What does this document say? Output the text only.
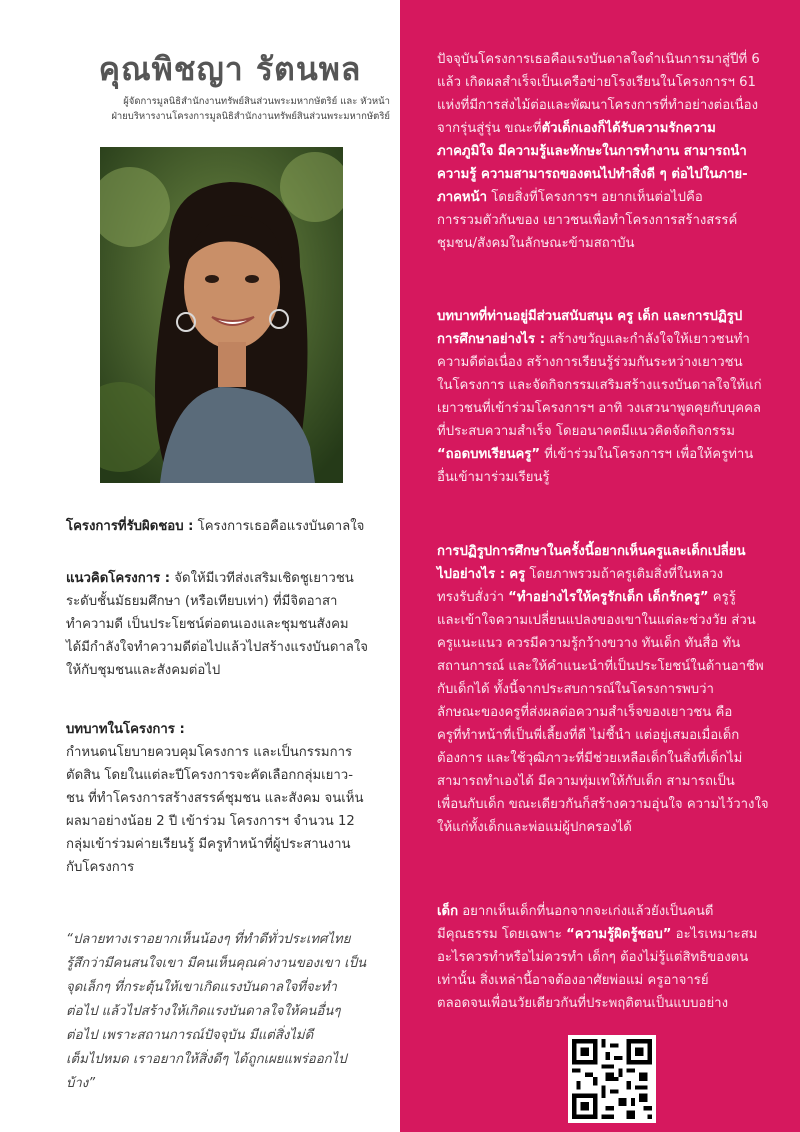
คุณพิชญา รัตนพล
ผู้จัดการมูลนิธิสำนักงานทรัพย์สินส่วนพระมหากษัตริย์ และ หัวหน้า
ฝ่ายบริหารงานโครงการมูลนิธิสำนักงานทรัพย์สินส่วนพระมหากษัตริย์
โครงการที่รับผิดชอบ : โครงการเธอคือแรงบันดาลใจ
แนวคิดโครงการ : จัดให้มีเวทีส่งเสริมเชิดชูเยาวชน
ระดับชั้นมัธยมศึกษา (หรือเทียบเท่า) ที่มีจิตอาสา
ทำความดี เป็นประโยชน์ต่อตนเองและชุมชนสังคม
ได้มีกำลังใจทำความดีต่อไปแล้วไปสร้างแรงบันดาลใจ
ให้กับชุมชนและสังคมต่อไป
บทบาทในโครงการ :
กำหนดนโยบายควบคุมโครงการ และเป็นกรรมการ
ตัดสิน โดยในแต่ละปีโครงการจะคัดเลือกกลุ่มเยาว-
ชน ที่ทำโครงการสร้างสรรค์ชุมชน และสังคม จนเห็น
ผลมาอย่างน้อย 2 ปี เข้าร่วม โครงการฯ จำนวน 12
กลุ่มเข้าร่วมค่ายเรียนรู้ มีครูทำหน้าที่ผู้ประสานงาน
กับโครงการ
“ปลายทางเราอยากเห็นน้องๆ ที่ทำดีทั่วประเทศไทย
รู้สึกว่ามีคนสนใจเขา มีคนเห็นคุณค่างานของเขา เป็น
จุดเล็กๆ ที่กระตุ้นให้เขาเกิดแรงบันดาลใจที่จะทำ
ต่อไป แล้วไปสร้างให้เกิดแรงบันดาลใจให้คนอื่นๆ
ต่อไป เพราะสถานการณ์ปัจจุบัน มีแต่สิ่งไม่ดี
เต็มไปหมด เราอยากให้สิ่งดีๆ ได้ถูกเผยแพร่ออกไป
บ้าง”
ปัจจุบันโครงการเธอคือแรงบันดาลใจดำเนินการมาสู่ปีที่ 6
แล้ว เกิดผลสำเร็จเป็นเครือข่ายโรงเรียนในโครงการฯ 61
แห่งที่มีการส่งไม้ต่อและพัฒนาโครงการที่ทำอย่างต่อเนื่อง
จากรุ่นสู่รุ่น ขณะที่ตัวเด็กเองก็ได้รับความรักความ
ภาคภูมิใจ มีความรู้และทักษะในการทำงาน สามารถนำ
ความรู้ ความสามารถของตนไปทำสิ่งดี ๆ ต่อไปในภาย-
ภาคหน้า โดยสิ่งที่โครงการฯ อยากเห็นต่อไปคือ
การรวมตัวกันของ เยาวชนเพื่อทำโครงการสร้างสรรค์
ชุมชน/สังคมในลักษณะข้ามสถาบัน
บทบาทที่ท่านอยู่มีส่วนสนับสนุน ครู เด็ก และการปฏิรูป
การศึกษาอย่างไร : สร้างขวัญและกำลังใจให้เยาวชนทำ
ความดีต่อเนื่อง สร้างการเรียนรู้ร่วมกันระหว่างเยาวชน
ในโครงการ และจัดกิจกรรมเสริมสร้างแรงบันดาลใจให้แก่
เยาวชนที่เข้าร่วมโครงการฯ อาทิ วงเสวนาพูดคุยกับบุคคล
ที่ประสบความสำเร็จ โดยอนาคตมีแนวคิดจัดกิจกรรม
“ถอดบทเรียนครู” ที่เข้าร่วมในโครงการฯ เพื่อให้ครูท่าน
อื่นเข้ามาร่วมเรียนรู้
การปฏิรูปการศึกษาในครั้งนี้อยากเห็นครูและเด็กเปลี่ยน
ไปอย่างไร : ครู โดยภาพรวมถ้าครูเติมสิ่งที่ในหลวง
ทรงรับสั่งว่า “ทำอย่างไรให้ครูรักเด็ก เด็กรักครู” ครูรู้
และเข้าใจความเปลี่ยนแปลงของเขาในแต่ละช่วงวัย ส่วน
ครูแนะแนว ควรมีความรู้กว้างขวาง ทันเด็ก ทันสื่อ ทัน
สถานการณ์ และให้คำแนะนำที่เป็นประโยชน์ในด้านอาชีพ
กับเด็กได้ ทั้งนี้จากประสบการณ์ในโครงการพบว่า
ลักษณะของครูที่ส่งผลต่อความสำเร็จของเยาวชน คือ
ครูที่ทำหน้าที่เป็นพี่เลี้ยงที่ดี ไม่ชี้นำ แต่อยู่เสมอเมื่อเด็ก
ต้องการ และใช้วุฒิภาวะที่มีช่วยเหลือเด็กในสิ่งที่เด็กไม่
สามารถทำเองได้ มีความทุ่มเทให้กับเด็ก สามารถเป็น
เพื่อนกับเด็ก ขณะเดียวกันก็สร้างความอุ่นใจ ความไว้วางใจ
ให้แก่ทั้งเด็กและพ่อแม่ผู้ปกครองได้
เด็ก อยากเห็นเด็กที่นอกจากจะเก่งแล้วยังเป็นคนดี
มีคุณธรรม โดยเฉพาะ “ความรู้ผิดรู้ชอบ” อะไรเหมาะสม
อะไรควรทำหรือไม่ควรทำ เด็กๆ ต้องไม่รู้แต่สิทธิของตน
เท่านั้น สิ่งเหล่านี้อาจต้องอาศัยพ่อแม่ ครูอาจารย์
ตลอดจนเพื่อนวัยเดียวกันที่ประพฤติตนเป็นแบบอย่าง
